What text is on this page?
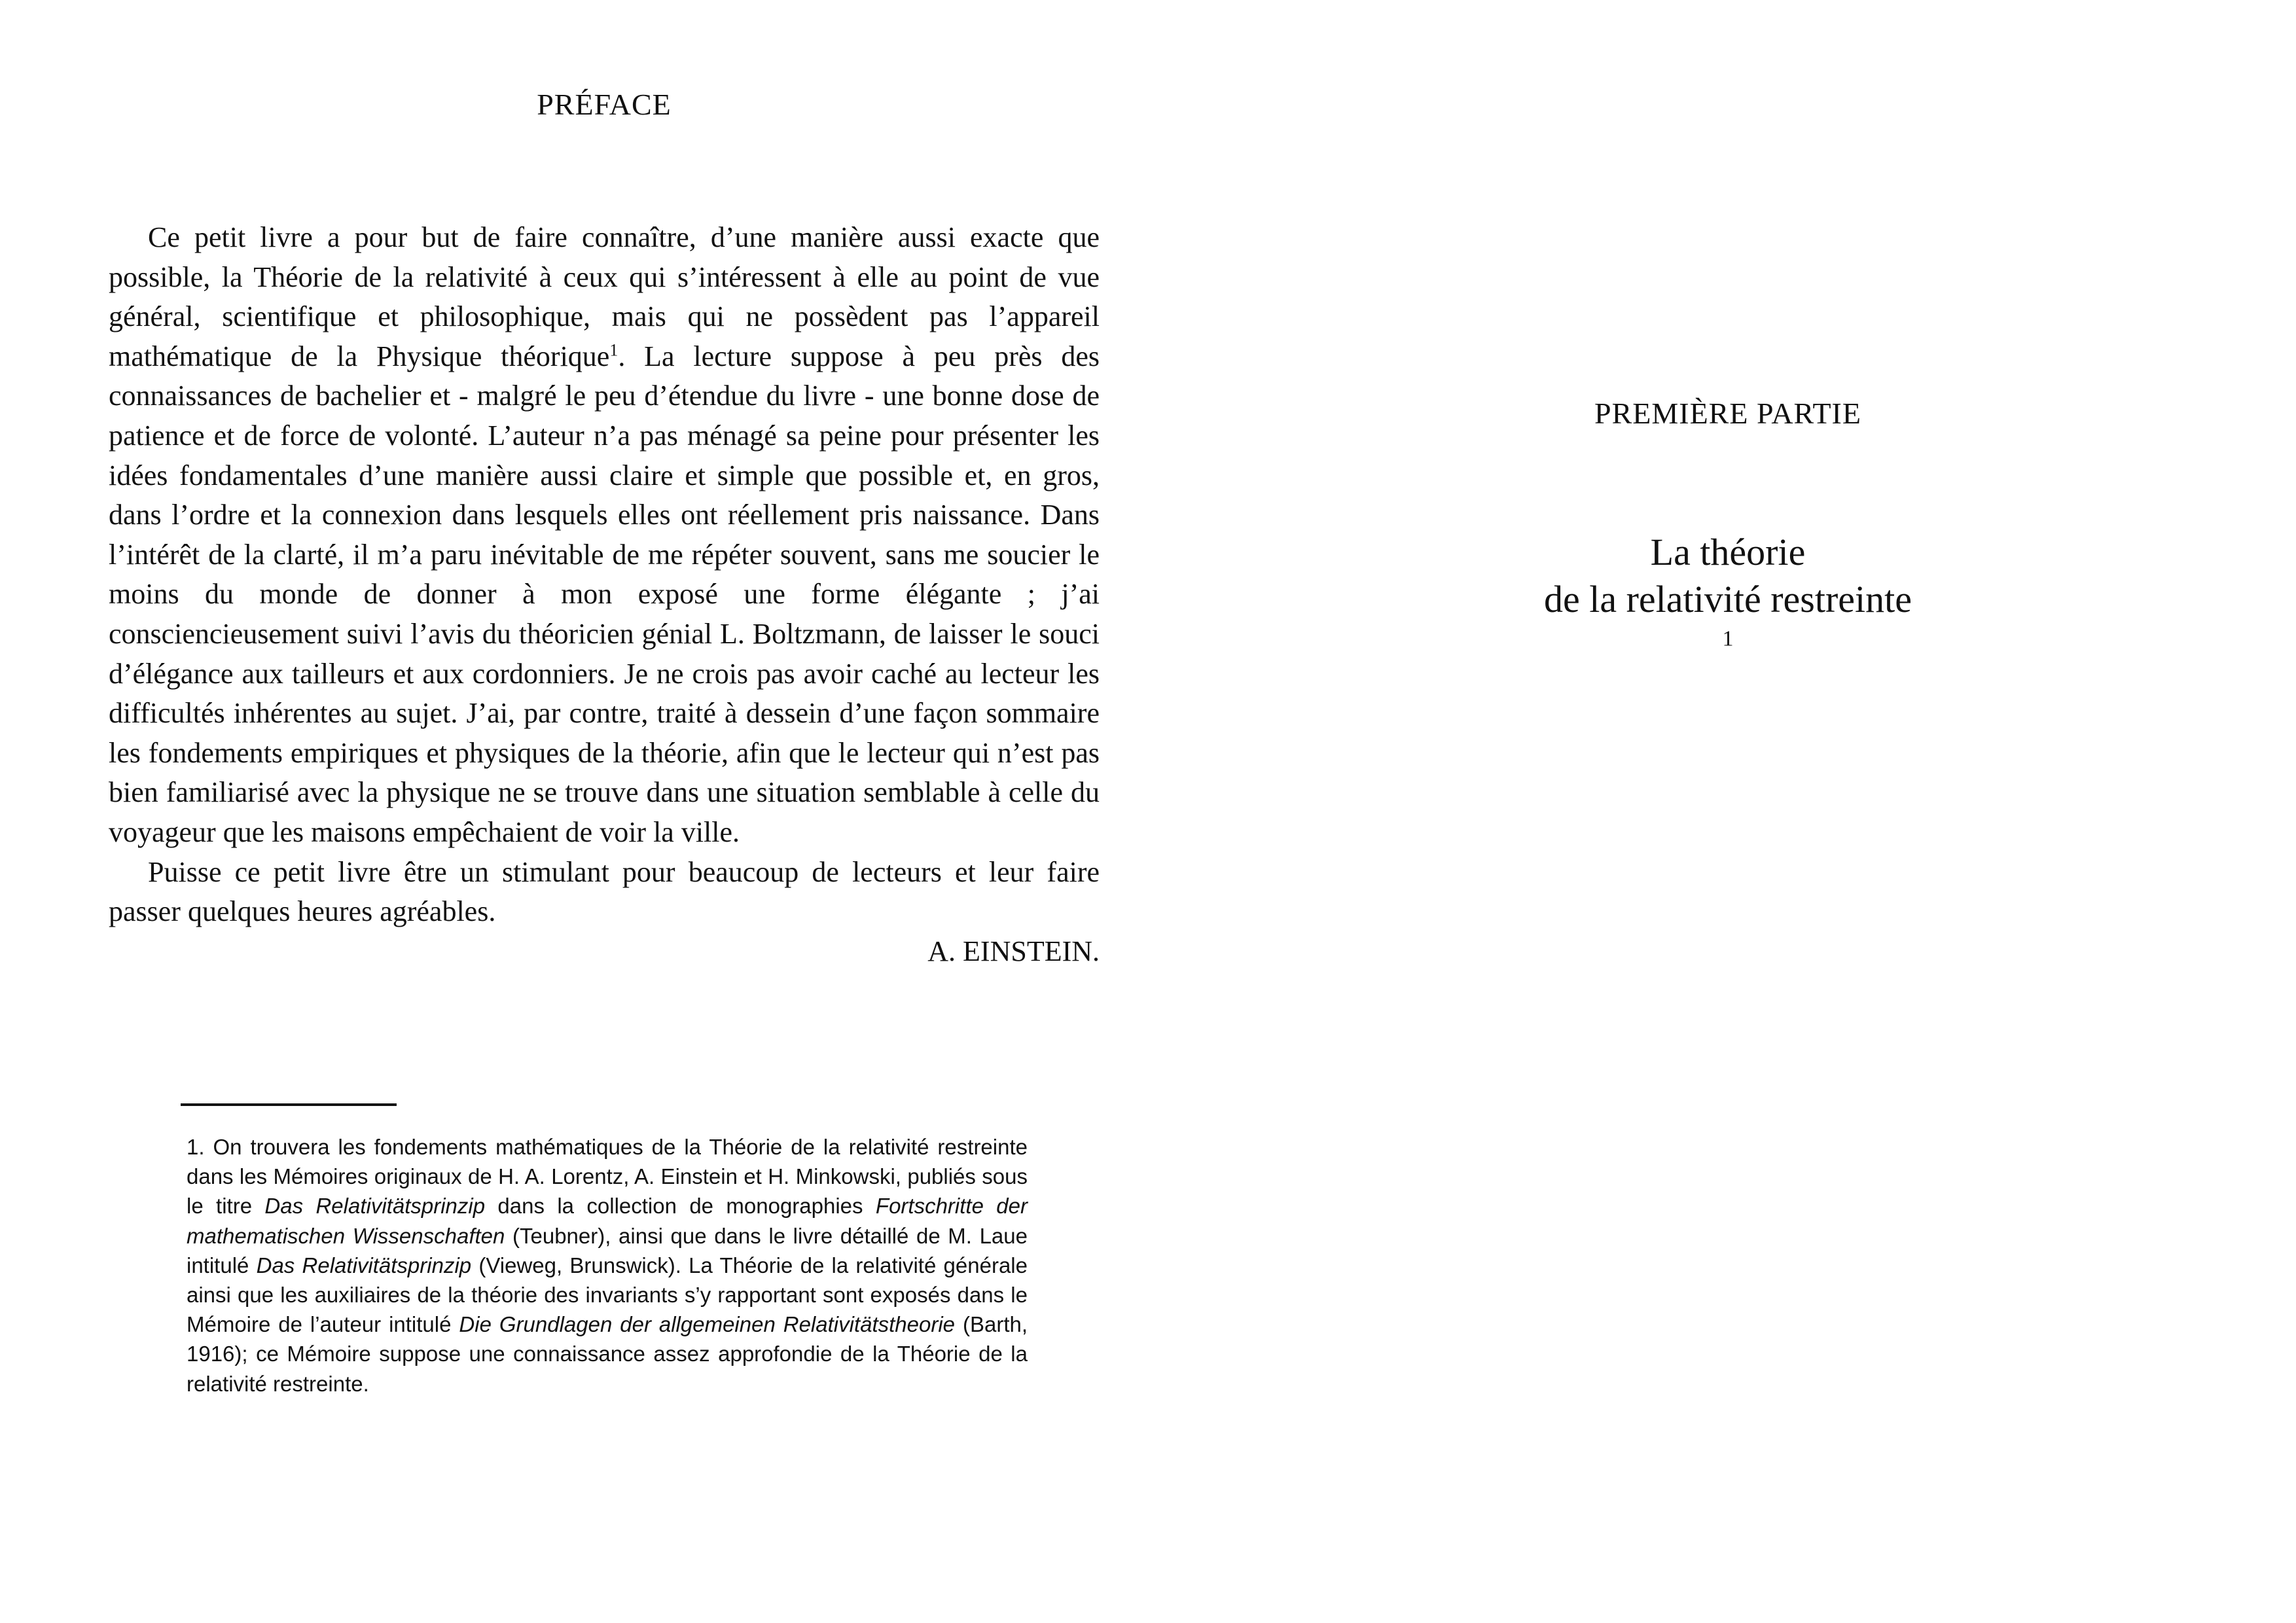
PRÉFACE

Ce petit livre a pour but de faire connaître, d’une manière aussi exacte que possible, la Théorie de la relativité à ceux qui s’intéressent à elle au point de vue général, scientifique et philosophique, mais qui ne possèdent pas l’appareil mathématique de la Physique théorique$^1$. La lecture suppose à peu près des connaissances de bachelier et - malgré le peu d’étendue du livre - une bonne dose de patience et de force de volonté. L’auteur n’a pas ménagé sa peine pour présenter les idées fondamentales d’une manière aussi claire et simple que possible et, en gros, dans l’ordre et la connexion dans lesquels elles ont réellement pris naissance. Dans l’intérêt de la clarté, il m’a paru inévitable de me répéter souvent, sans me soucier le moins du monde de donner à mon exposé une forme élégante ; j’ai consciencieusement suivi l’avis du théoricien génial L. Boltzmann, de laisser le souci d’élégance aux tailleurs et aux cordonniers. Je ne crois pas avoir caché au lecteur les difficultés inhérentes au sujet. J’ai, par contre, traité à dessein d’une façon sommaire les fondements empiriques et physiques de la théorie, afin que le lecteur qui n’est pas bien familiarisé avec la physique ne se trouve dans une situation semblable à celle du voyageur que les maisons empêchaient de voir la ville.

Puisse ce petit livre être un stimulant pour beaucoup de lecteurs et leur faire passer quelques heures agréables.

A. EINSTEIN.

1. On trouvera les fondements mathématiques de la Théorie de la relativité restreinte dans les Mémoires originaux de H. A. Lorentz, A. Einstein et H. Minkowski, publiés sous le titre Das Relativitätsprinzip dans la collection de monographies Fortschritte der mathematischen Wissenschaften (Teubner), ainsi que dans le livre détaillé de M. Laue intitulé Das Relativitätsprinzip (Vieweg, Brunswick). La Théorie de la relativité générale ainsi que les auxiliaires de la théorie des invariants s’y rapportant sont exposés dans le Mémoire de l’auteur intitulé Die Grundlagen der allgemeinen Relativitätstheorie (Barth, 1916); ce Mémoire suppose une connaissance assez approfondie de la Théorie de la relativité restreinte.
PREMIÈRE PARTIE
La théorie
de la relativité restreinte
$^1$
